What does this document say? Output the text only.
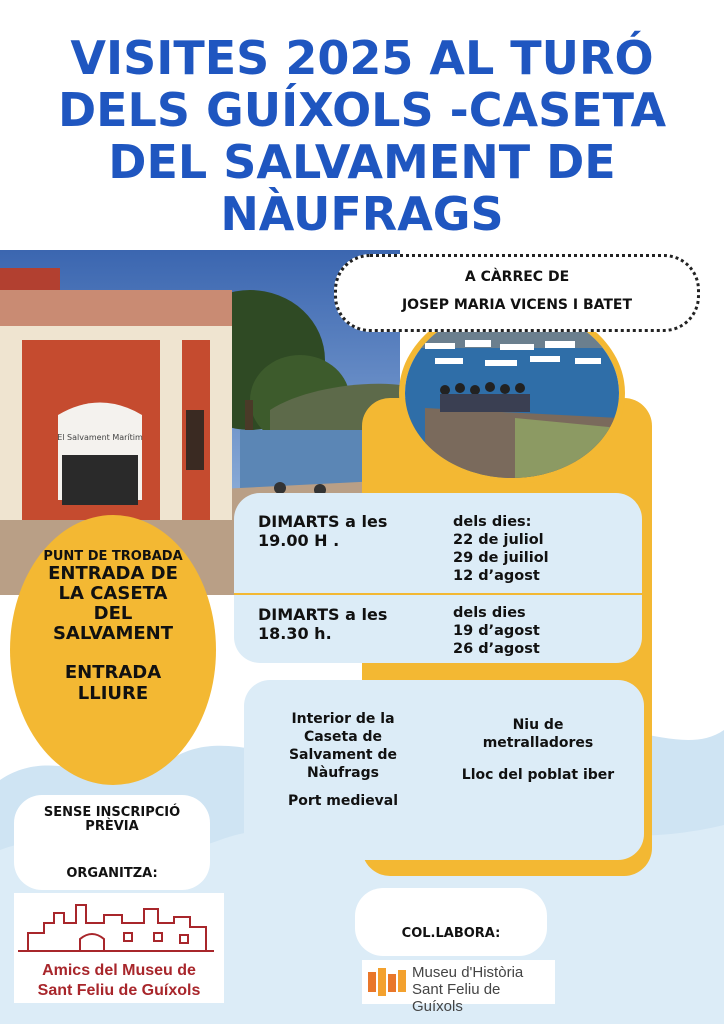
VISITES 2025 AL TURÓ
DELS GUÍXOLS -CASETA
DEL SALVAMENT DE
NÀUFRAGS
El Salvament Marítim
A CÀRREC DE
JOSEP MARIA VICENS I BATET
DIMARTS a les
19.00 H .
dels dies:
22 de juliol
29 de juiliol
12 d’agost
DIMARTS a les
18.30 h.
dels dies
19 d’agost
26 d’agost
Interior de la
Caseta de
Salvament de
Nàufrags
Port medieval
Niu de
metralladores
Lloc del poblat iber
PUNT DE TROBADA
ENTRADA DE
LA CASETA
DEL
SALVAMENT
ENTRADA
LLIURE
SENSE INSCRIPCIÓ
PRÈVIA
ORGANITZA:
Amics del Museu de
Sant Feliu de Guíxols
COL.LABORA:
Museu d'Història
Sant Feliu de Guíxols
